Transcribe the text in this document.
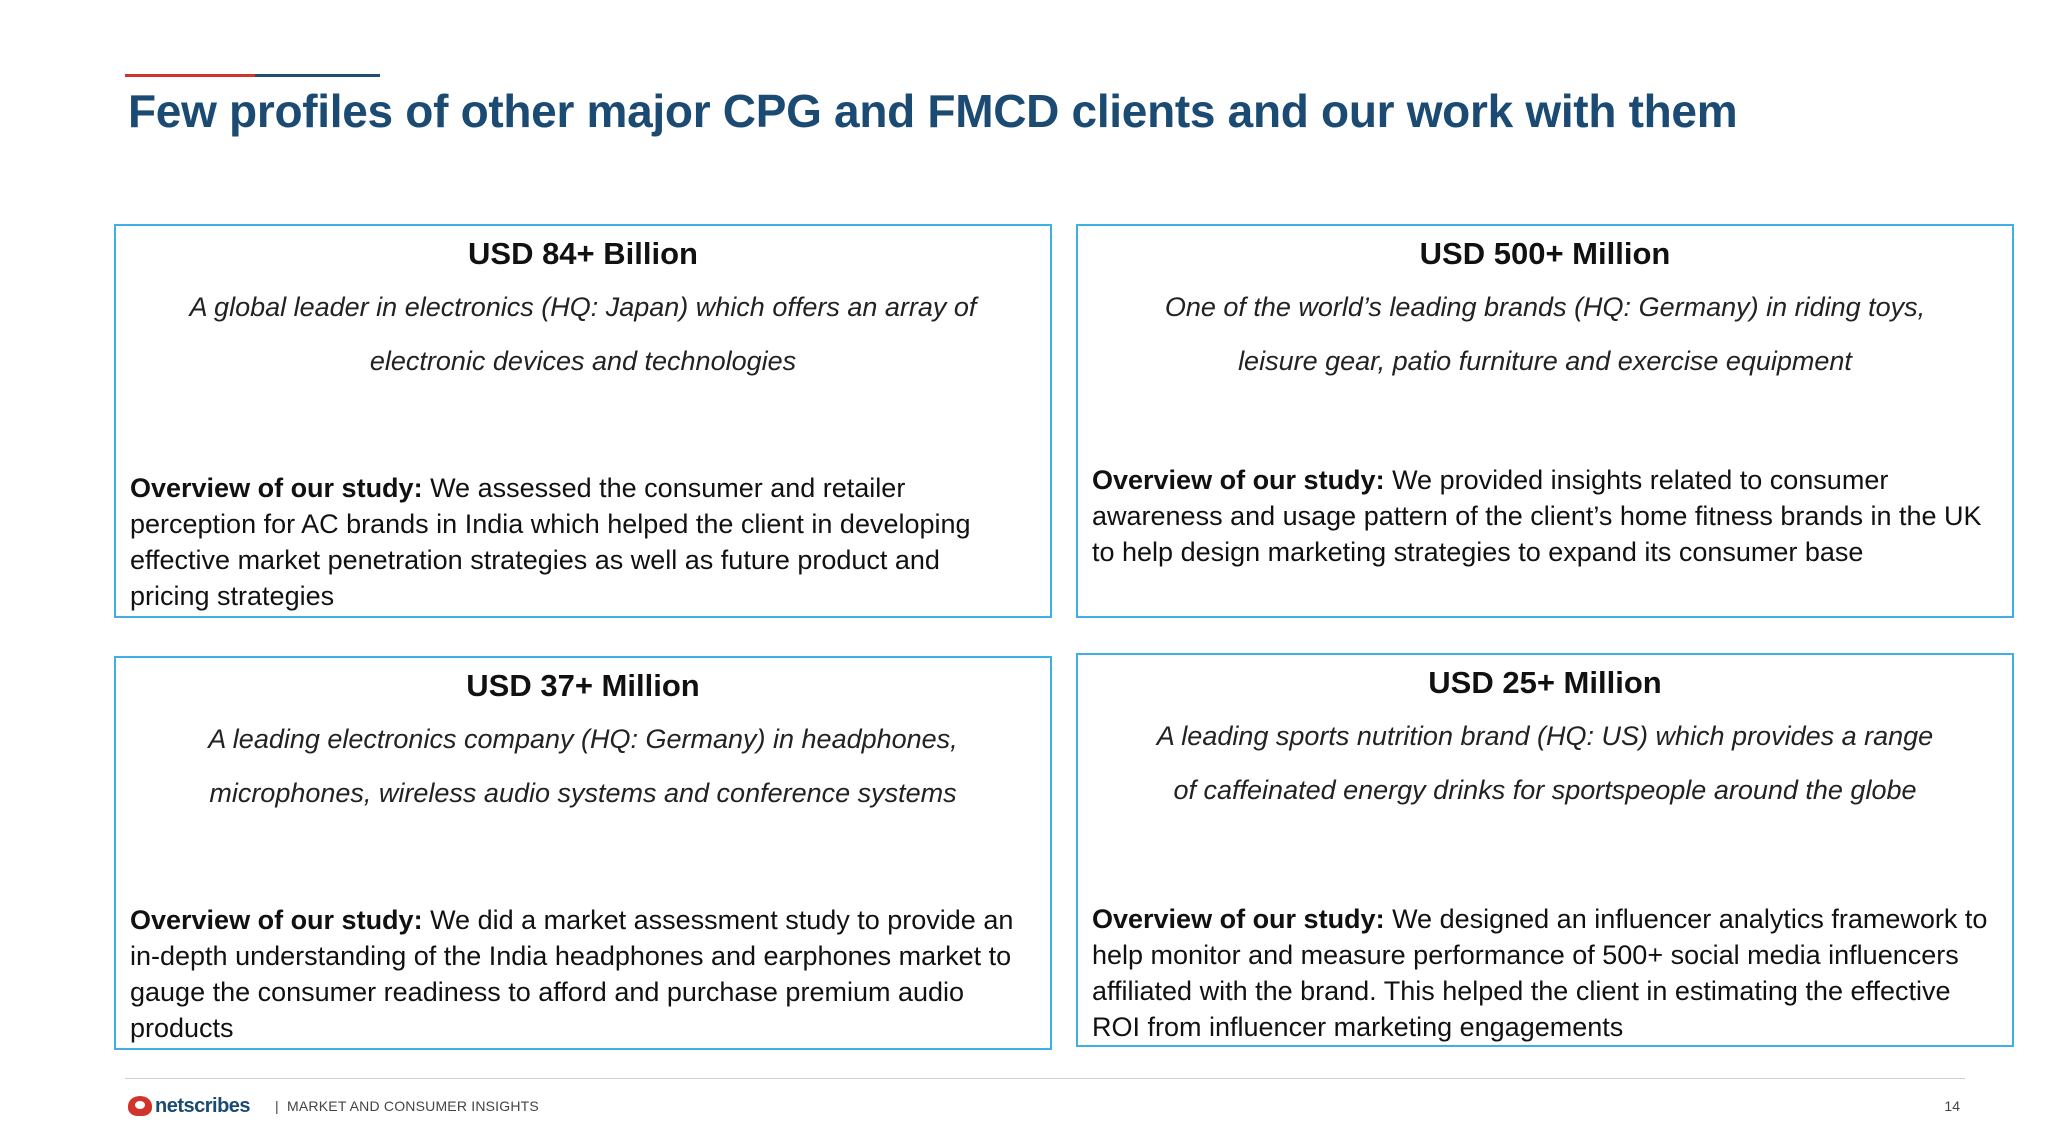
Few profiles of other major CPG and FMCD clients and our work with them
USD 84+ Billion

A global leader in electronics (HQ: Japan) which offers an array of
electronic devices and technologies

Overview of our study: We assessed the consumer and retailer perception for AC brands in India which helped the client in developing effective market penetration strategies as well as future product and pricing strategies

USD 500+ Million

One of the world’s leading brands (HQ: Germany) in riding toys,
leisure gear, patio furniture and exercise equipment

Overview of our study: We provided insights related to consumer awareness and usage pattern of the client’s home fitness brands in the UK to help design marketing strategies to expand its consumer base

USD 37+ Million

A leading electronics company (HQ: Germany) in headphones,
microphones, wireless audio systems and conference systems

Overview of our study: We did a market assessment study to provide an in-depth understanding of the India headphones and earphones market to gauge the consumer readiness to afford and purchase premium audio products

USD 25+ Million

A leading sports nutrition brand (HQ: US) which provides a range
of caffeinated energy drinks for sportspeople around the globe

Overview of our study: We designed an influencer analytics framework to help monitor and measure performance of 500+ social media influencers affiliated with the brand. This helped the client in estimating the effective ROI from influencer marketing engagements

netscribes | MARKET AND CONSUMER INSIGHTS	14
